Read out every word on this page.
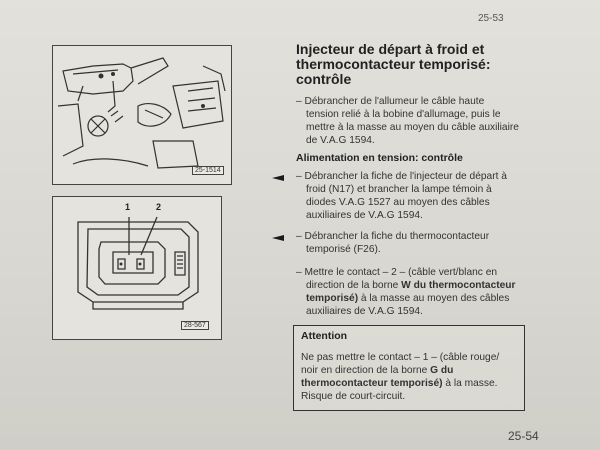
25-53
25-1514
1	2
28-567
Injecteur de départ à froid et
thermocontacteur temporisé:
contrôle
– Débrancher de l'allumeur le câble haute
tension relié à la bobine d'allumage, puis le
mettre à la masse au moyen du câble auxiliaire
de V.A.G 1594.
Alimentation en tension: contrôle
– Débrancher la fiche de l'injecteur de départ à
froid (N17) et brancher la lampe témoin à
diodes V.A.G 1527 au moyen des câbles
auxiliaires de V.A.G 1594.
– Débrancher la fiche du thermocontacteur
temporisé (F26).
– Mettre le contact – 2 – (câble vert/blanc en
direction de la borne W du thermocontacteur
temporisé) à la masse au moyen des câbles
auxiliaires de V.A.G 1594.
Attention
Ne pas mettre le contact – 1 – (câble rouge/
noir en direction de la borne G du
thermocontacteur temporisé) à la masse.
Risque de court-circuit.
25-54
